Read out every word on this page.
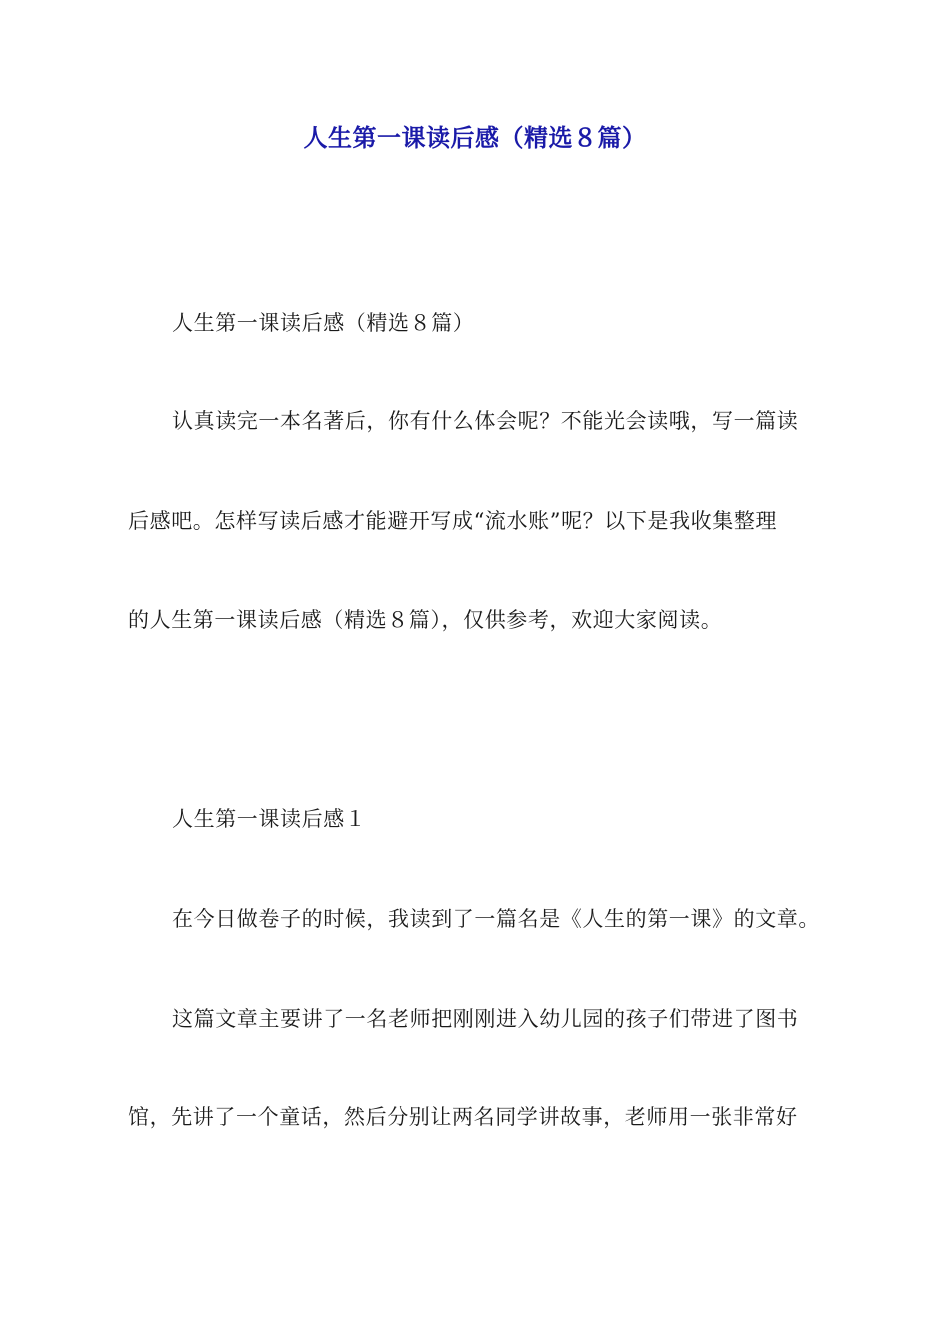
人生第一课读后感（精选８篇）
人生第一课读后感（精选８篇）
认真读完一本名著后，你有什么体会呢？不能光会读哦，写一篇读
后感吧。怎样写读后感才能避开写成“流水账”呢？以下是我收集整理
的人生第一课读后感（精选８篇），仅供参考，欢迎大家阅读。
人生第一课读后感１
在今日做卷子的时候，我读到了一篇名是《人生的第一课》的文章。
这篇文章主要讲了一名老师把刚刚进入幼儿园的孩子们带进了图书
馆，先讲了一个童话，然后分别让两名同学讲故事，老师用一张非常好
